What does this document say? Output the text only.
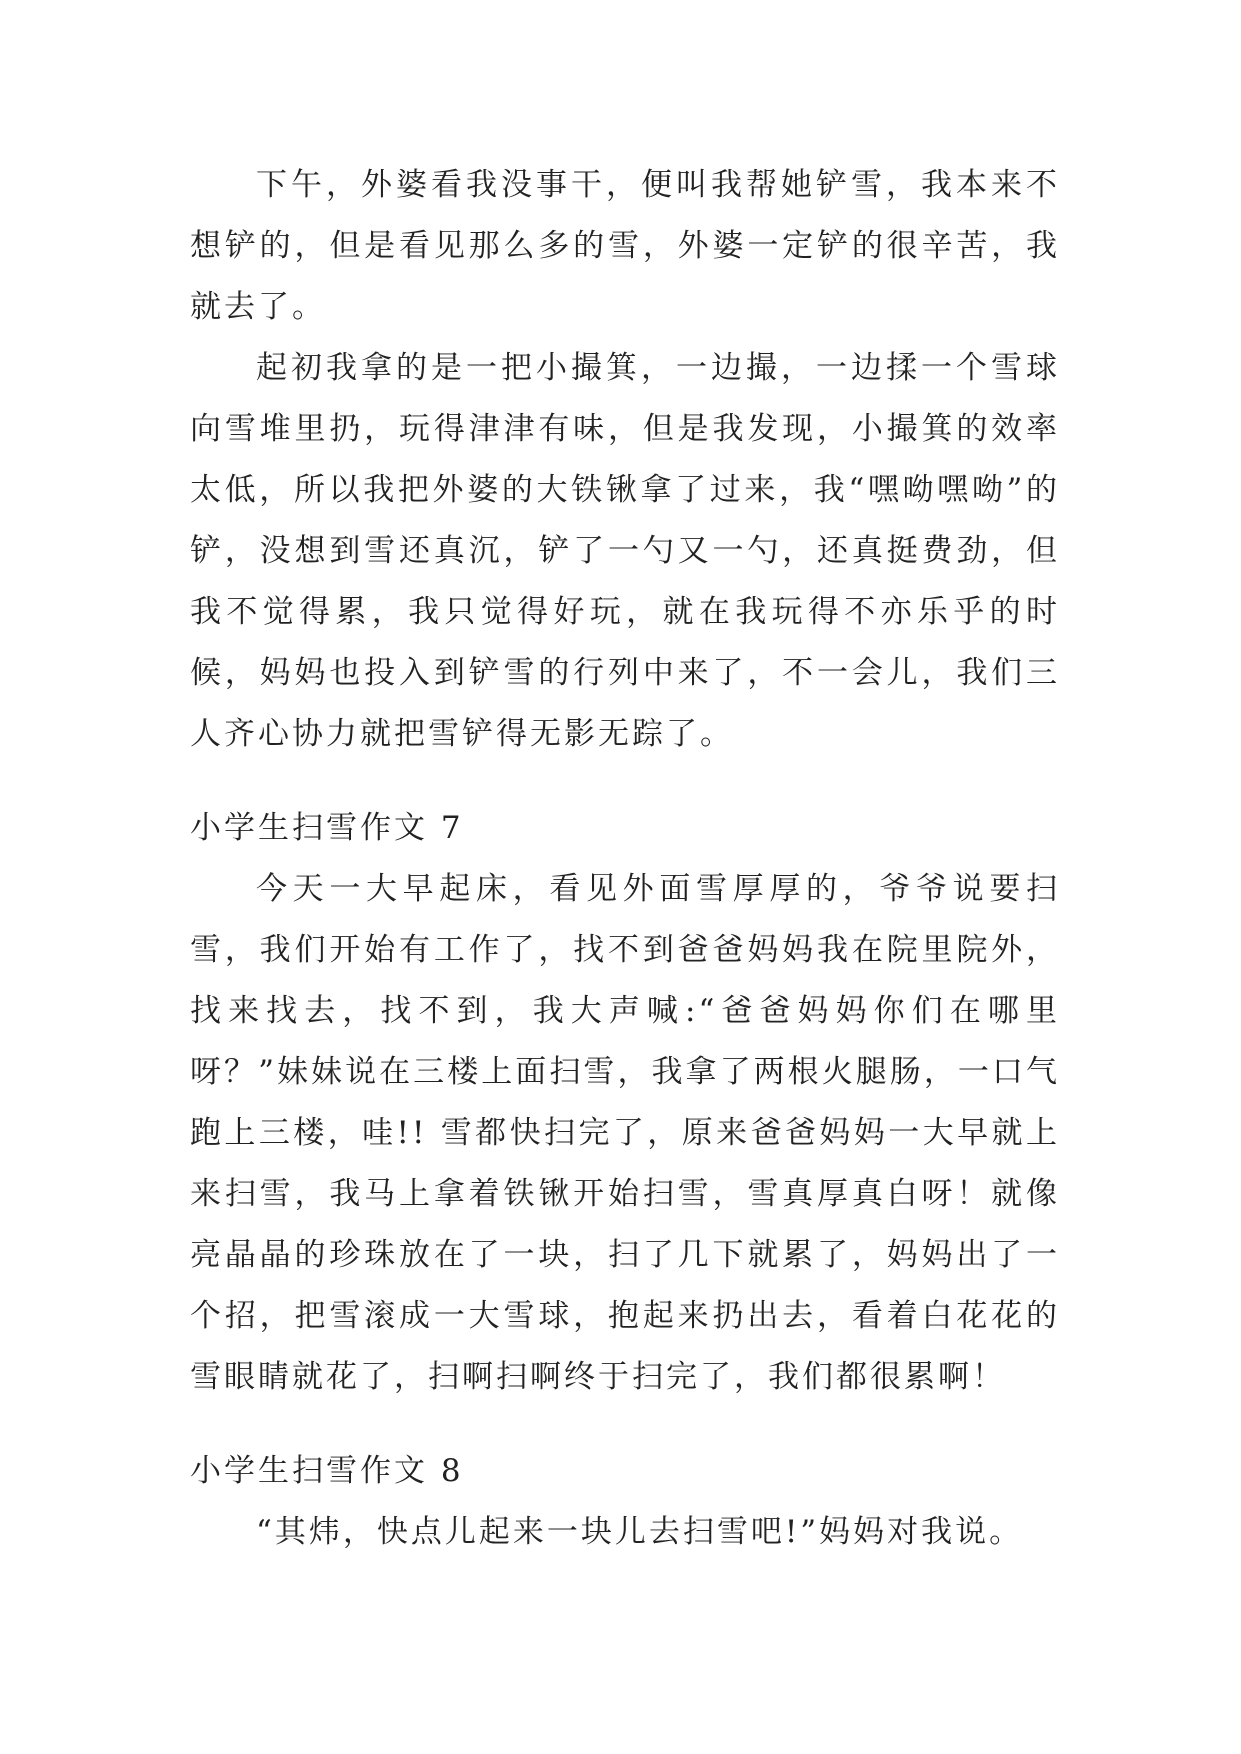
下午，外婆看我没事干，便叫我帮她铲雪，我本来不想铲的，但是看见那么多的雪，外婆一定铲的很辛苦，我就去了。

起初我拿的是一把小撮箕，一边撮，一边揉一个雪球向雪堆里扔，玩得津津有味，但是我发现，小撮箕的效率太低，所以我把外婆的大铁锹拿了过来，我“嘿呦嘿呦”的铲，没想到雪还真沉，铲了一勺又一勺，还真挺费劲，但我不觉得累，我只觉得好玩，就在我玩得不亦乐乎的时候，妈妈也投入到铲雪的行列中来了，不一会儿，我们三人齐心协力就把雪铲得无影无踪了。

小学生扫雪作文 7

今天一大早起床，看见外面雪厚厚的，爷爷说要扫雪，我们开始有工作了，找不到爸爸妈妈我在院里院外，找来找去，找不到，我大声喊:“爸爸妈妈你们在哪里呀？”妹妹说在三楼上面扫雪，我拿了两根火腿肠，一口气跑上三楼，哇!! 雪都快扫完了，原来爸爸妈妈一大早就上来扫雪，我马上拿着铁锹开始扫雪，雪真厚真白呀！就像亮晶晶的珍珠放在了一块，扫了几下就累了，妈妈出了一个招，把雪滚成一大雪球，抱起来扔出去，看着白花花的雪眼睛就花了，扫啊扫啊终于扫完了，我们都很累啊！

小学生扫雪作文 8

“其炜，快点儿起来一块儿去扫雪吧!”妈妈对我说。
